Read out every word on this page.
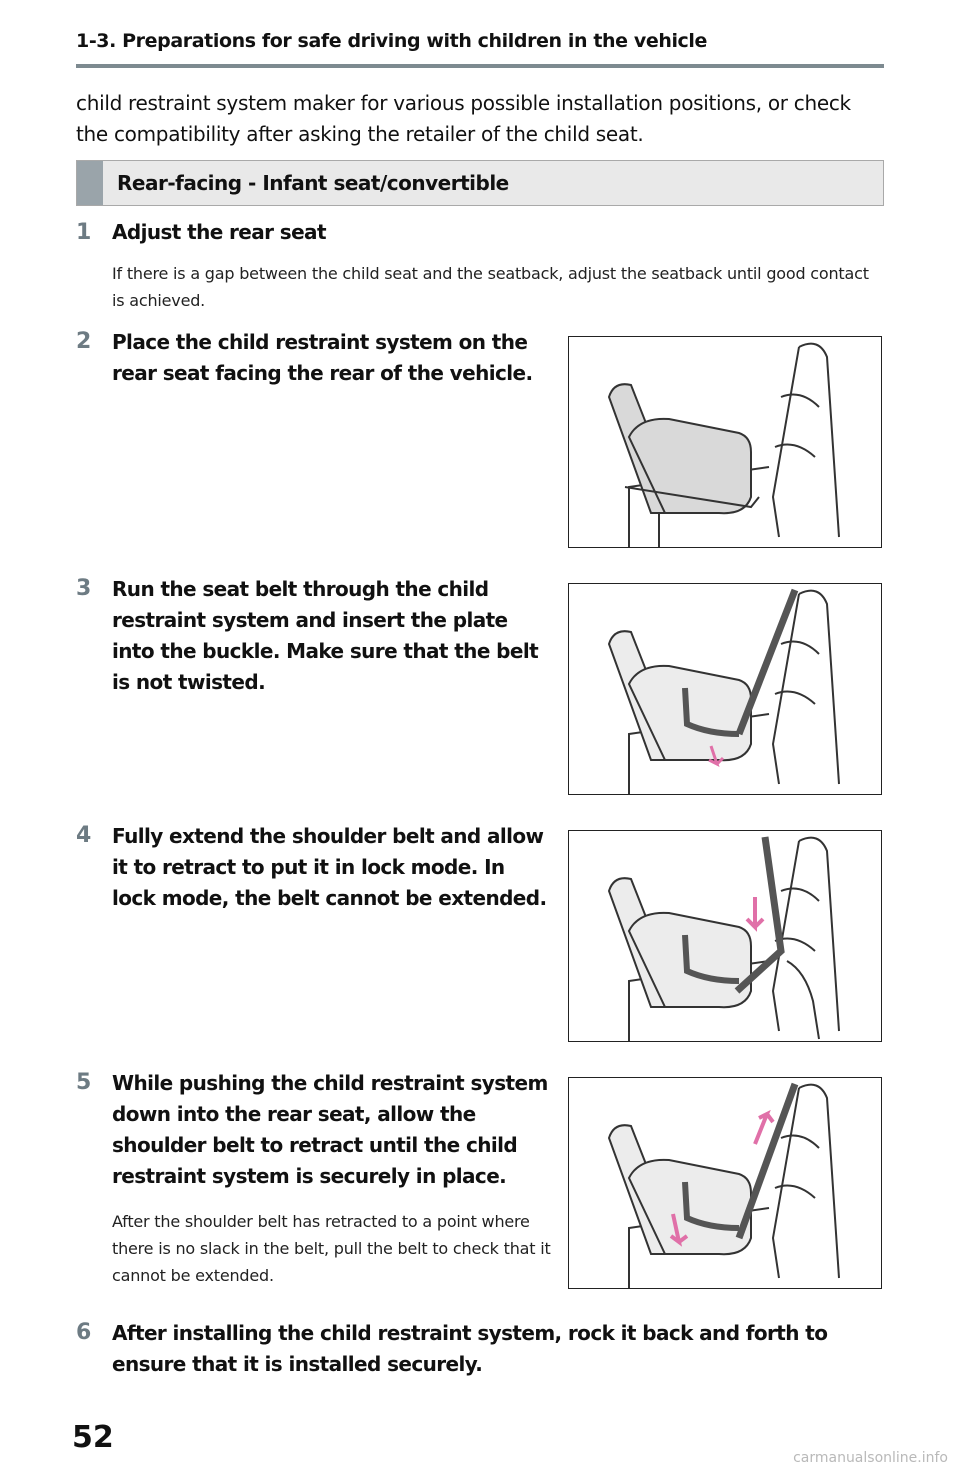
1-3. Preparations for safe driving with children in the vehicle
child restraint system maker for various possible installation positions, or check the compatibility after asking the retailer of the child seat.
Rear-facing - Infant seat/convertible
1 Adjust the rear seat
If there is a gap between the child seat and the seatback, adjust the seatback until good contact is achieved.
2 Place the child restraint system on the rear seat facing the rear of the vehicle.
3 Run the seat belt through the child restraint system and insert the plate into the buckle. Make sure that the belt is not twisted.
4 Fully extend the shoulder belt and allow it to retract to put it in lock mode. In lock mode, the belt cannot be extended.
5 While pushing the child restraint system down into the rear seat, allow the shoulder belt to retract until the child restraint system is securely in place.
After the shoulder belt has retracted to a point where there is no slack in the belt, pull the belt to check that it cannot be extended.
6 After installing the child restraint system, rock it back and forth to ensure that it is installed securely.
52
carmanualsonline.info
